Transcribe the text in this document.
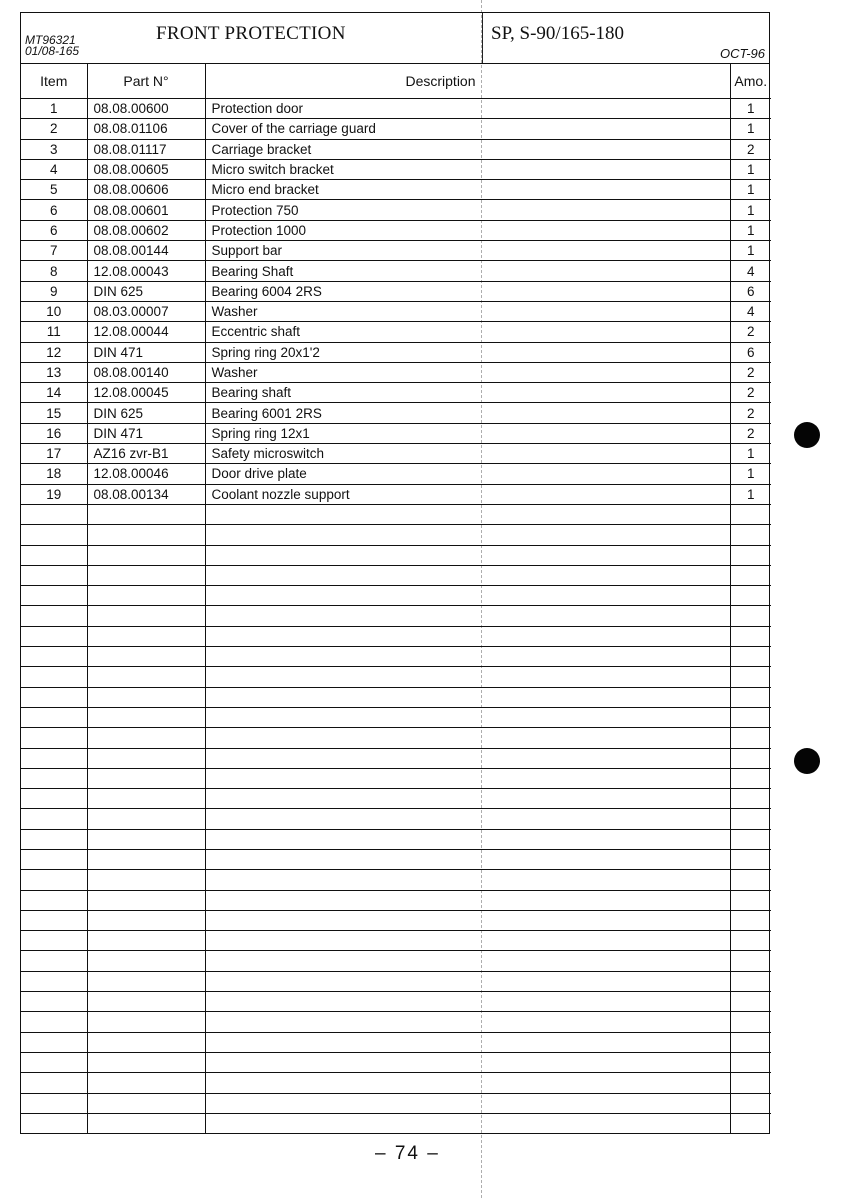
MT96321
01/08-165
FRONT PROTECTION	SP, S-90/165-180
OCT-96
Item	Part N°	Description	Amo.
1	08.08.00600	Protection door	1
2	08.08.01106	Cover of the carriage guard	1
3	08.08.01117	Carriage bracket	2
4	08.08.00605	Micro switch bracket	1
5	08.08.00606	Micro end bracket	1
6	08.08.00601	Protection 750	1
6	08.08.00602	Protection 1000	1
7	08.08.00144	Support bar	1
8	12.08.00043	Bearing Shaft	4
9	DIN 625	Bearing 6004 2RS	6
10	08.03.00007	Washer	4
11	12.08.00044	Eccentric shaft	2
12	DIN 471	Spring ring 20x1'2	6
13	08.08.00140	Washer	2
14	12.08.00045	Bearing shaft	2
15	DIN 625	Bearing 6001 2RS	2
16	DIN 471	Spring ring 12x1	2
17	AZ16 zvr-B1	Safety microswitch	1
18	12.08.00046	Door drive plate	1
19	08.08.00134	Coolant nozzle support	1

– 74 –
